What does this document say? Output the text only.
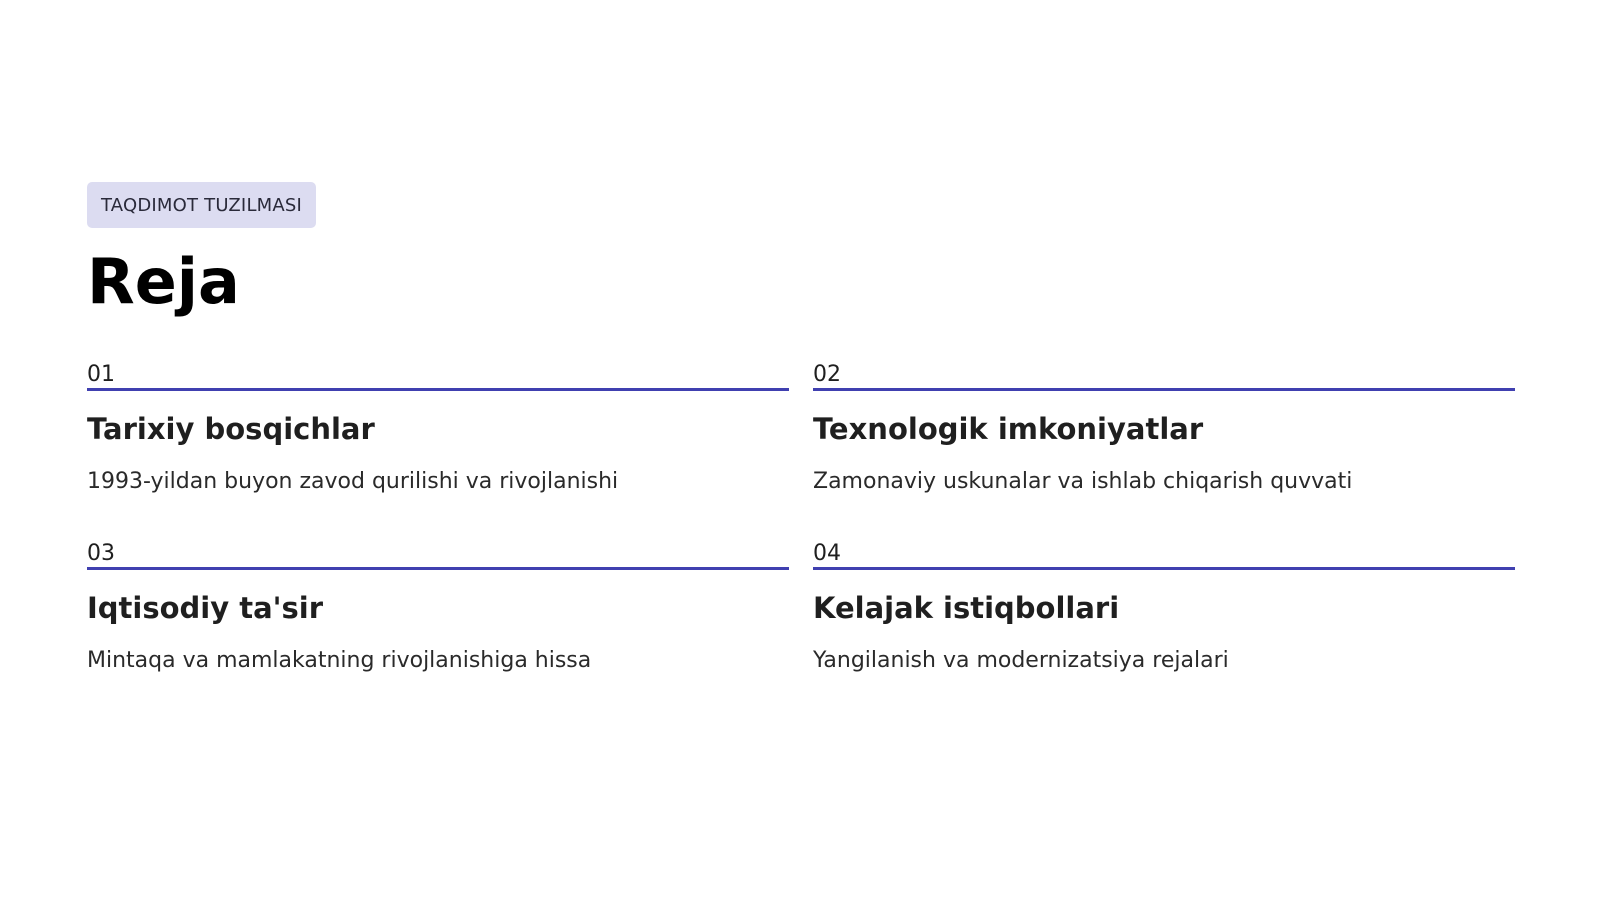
TAQDIMOT TUZILMASI
Reja
01
Tarixiy bosqichlar
1993-yildan buyon zavod qurilishi va rivojlanishi
02
Texnologik imkoniyatlar
Zamonaviy uskunalar va ishlab chiqarish quvvati
03
Iqtisodiy ta'sir
Mintaqa va mamlakatning rivojlanishiga hissa
04
Kelajak istiqbollari
Yangilanish va modernizatsiya rejalari
